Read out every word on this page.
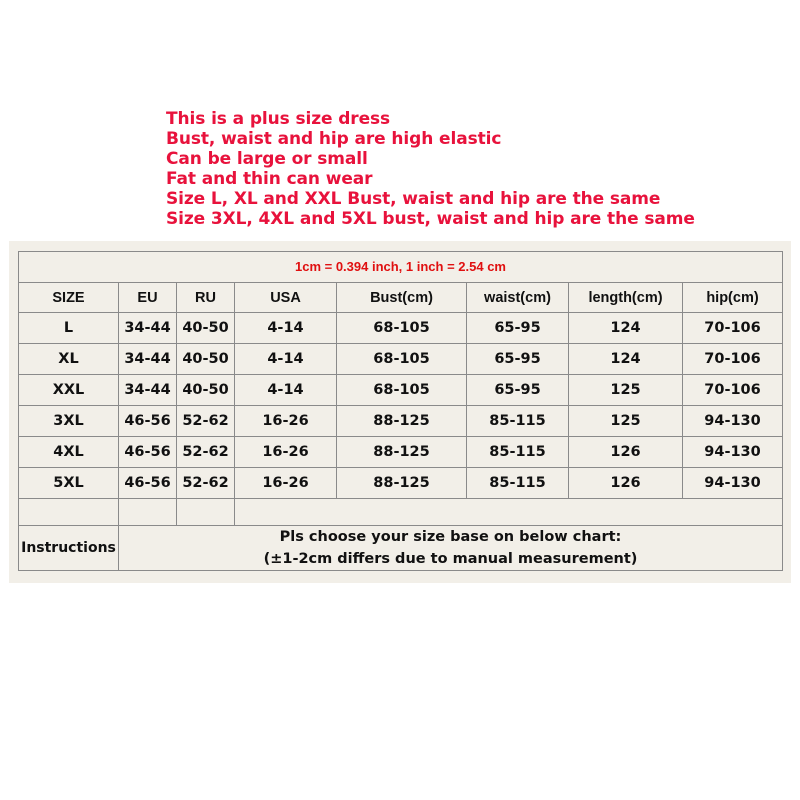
This is a plus size dress
Bust, waist and hip are high elastic
Can be large or small
Fat and thin can wear
Size L, XL and XXL Bust, waist and hip are the same
Size 3XL, 4XL and 5XL bust, waist and hip are the same
1cm = 0.394 inch, 1 inch = 2.54 cm							
SIZE	EU	RU	USA	Bust(cm)	waist(cm)	length(cm)	hip(cm)
L	34-44	40-50	4-14	68-105	65-95	124	70-106
XL	34-44	40-50	4-14	68-105	65-95	124	70-106
XXL	34-44	40-50	4-14	68-105	65-95	125	70-106
3XL	46-56	52-62	16-26	88-125	85-115	125	94-130
4XL	46-56	52-62	16-26	88-125	85-115	126	94-130
5XL	46-56	52-62	16-26	88-125	85-115	126	94-130

Instructions	Pls choose your size base on below chart:
(±1-2cm differs due to manual measurement)						
